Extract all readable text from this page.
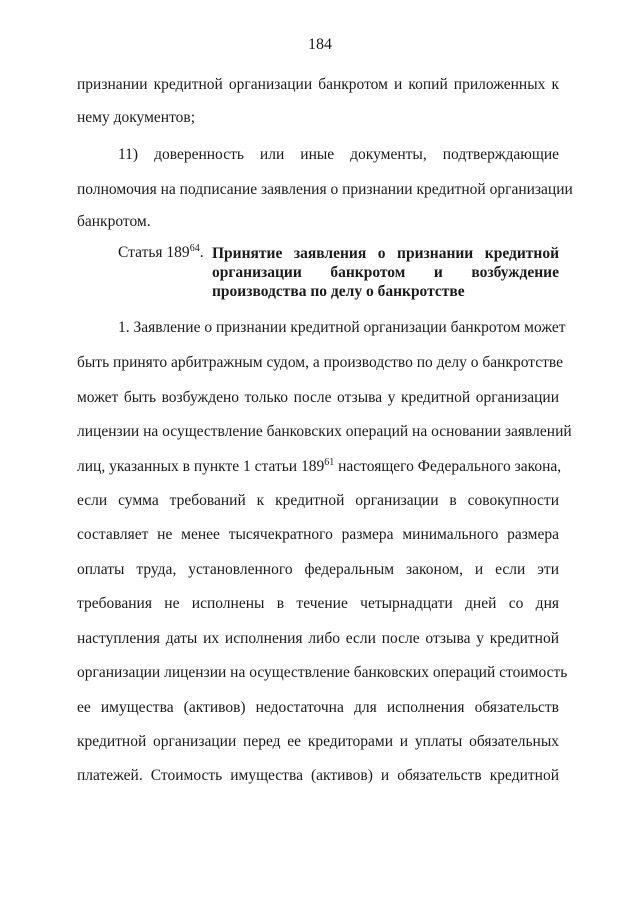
184
признании кредитной организации банкротом и копий приложенных к
нему документов;
11) доверенность или иные документы, подтверждающие
полномочия на подписание заявления о признании кредитной организации
банкротом.
Статья $189^{64}$. Принятие заявления о признании кредитной
организации банкротом и возбуждение
производства по делу о банкротстве
1. Заявление о признании кредитной организации банкротом может
быть принято арбитражным судом, а производство по делу о банкротстве
может быть возбуждено только после отзыва у кредитной организации
лицензии на осуществление банковских операций на основании заявлений
лиц, указанных в пункте 1 статьи 189$^{61}$ настоящего Федерального закона,
если сумма требований к кредитной организации в совокупности
составляет не менее тысячекратного размера минимального размера
оплаты труда, установленного федеральным законом, и если эти
требования не исполнены в течение четырнадцати дней со дня
наступления даты их исполнения либо если после отзыва у кредитной
организации лицензии на осуществление банковских операций стоимость
ее имущества (активов) недостаточна для исполнения обязательств
кредитной организации перед ее кредиторами и уплаты обязательных
платежей. Стоимость имущества (активов) и обязательств кредитной
